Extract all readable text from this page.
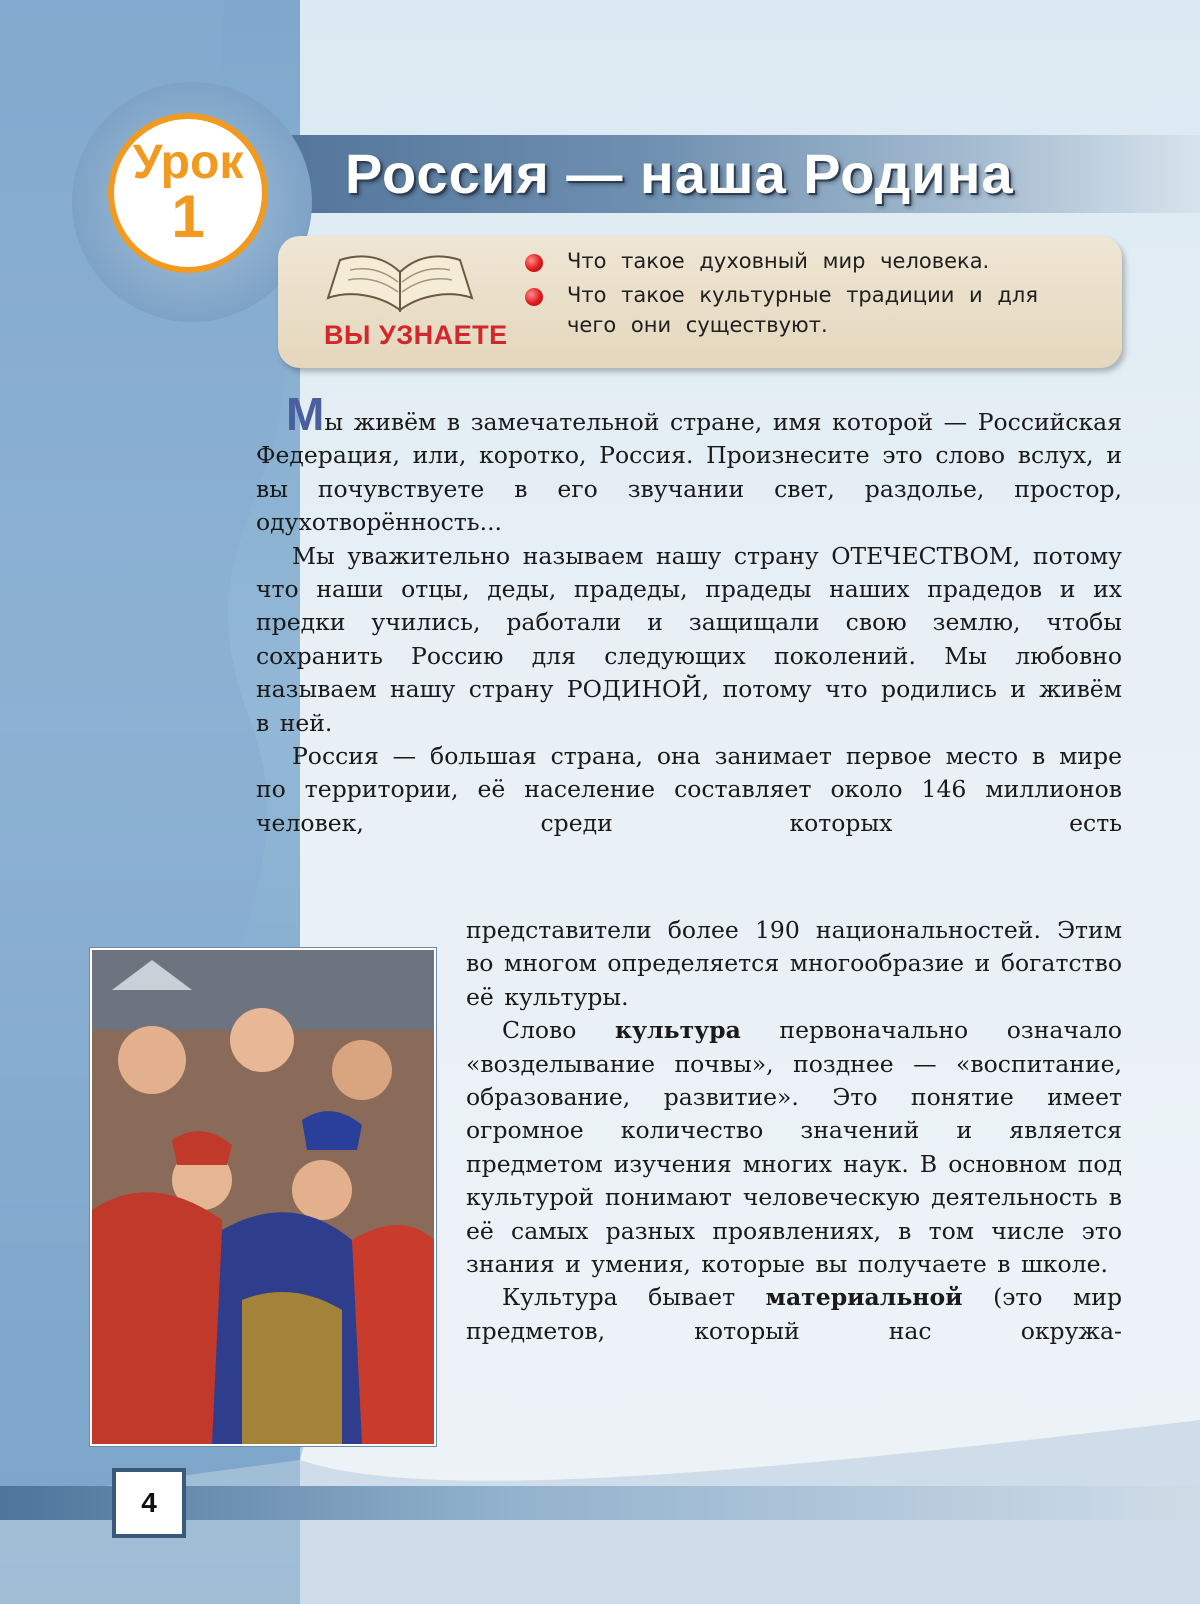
Урок
1
Россия — наша Родина
ВЫ УЗНАЕТЕ
Что такое духовный мир человека.
Что такое культурные традиции и для чего они существуют.

Мы живём в замечательной стране, имя которой — Российская Федерация, или, коротко, Россия. Произнесите это слово вслух, и вы почувствуете в его звучании свет, раздолье, простор, одухотворённость...

Мы уважительно называем нашу страну ОТЕЧЕСТВОМ, потому что наши отцы, деды, прадеды, прадеды наших прадедов и их предки учились, работали и защищали свою землю, чтобы сохранить Россию для следующих поколений. Мы любовно называем нашу страну РОДИНОЙ, потому что родились и живём в ней.

Россия — большая страна, она занимает первое место в мире по территории, её население составляет около 146 миллионов человек, среди которых есть

представители более 190 национальностей. Этим во многом определяется многообразие и богатство её культуры.

Слово культура первоначально означало «возделывание почвы», позднее — «воспитание, образование, развитие». Это понятие имеет огромное количество значений и является предметом изучения многих наук. В основном под культурой понимают человеческую деятельность в её самых разных проявлениях, в том числе это знания и умения, которые вы получаете в школе.

Культура бывает материальной (это мир предметов, который нас окружа-

4
